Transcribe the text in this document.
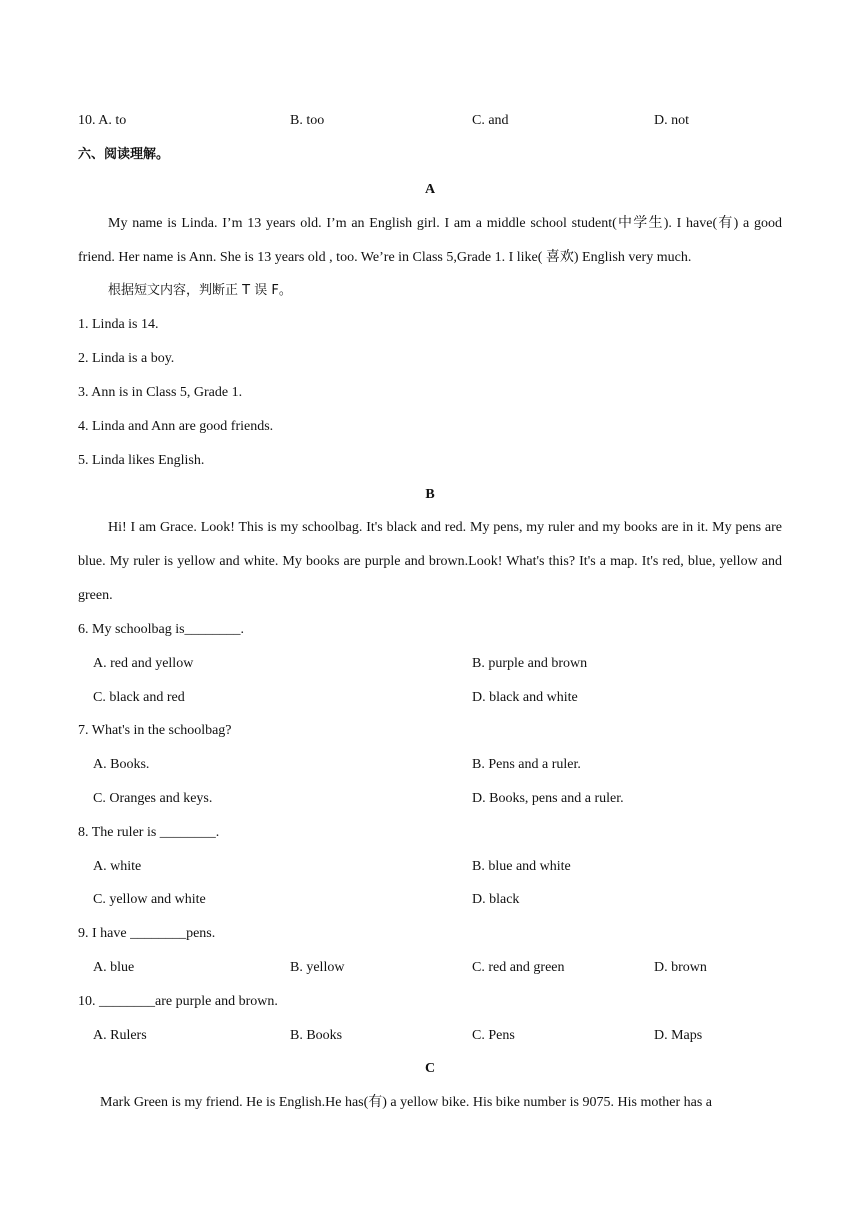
10. A. to	B. too	C. and	D. not
六、阅读理解。
A
My name is Linda. I’m 13 years old. I’m an English girl. I am a middle school student(中学生). I have(有) a good friend. Her name is Ann. She is 13 years old , too. We’re in Class 5,Grade 1. I like( 喜欢) English very much.
根据短文内容，判断正 T 误 F。
1. Linda is 14.
2. Linda is a boy.
3. Ann is in Class 5, Grade 1.
4. Linda and Ann are good friends.
5. Linda likes English.
B
Hi! I am Grace. Look! This is my schoolbag. It's black and red. My pens, my ruler and my books are in it. My pens are blue. My ruler is yellow and white. My books are purple and brown.Look! What's this? It's a map. It's red, blue, yellow and green.
6. My schoolbag is________.
A. red and yellow	B. purple and brown
C. black and red	D. black and white
7. What's in the schoolbag?
A. Books.	B. Pens and a ruler.
C. Oranges and keys.	D. Books, pens and a ruler.
8. The ruler is ________.
A. white	B. blue and white
C. yellow and white	D. black
9. I have ________pens.
A. blue	B. yellow	C. red and green	D. brown
10. ________are purple and brown.
A. Rulers	B. Books	C. Pens	D. Maps
C
Mark Green is my friend. He is English.He has(有) a yellow bike. His bike number is 9075. His mother has a
